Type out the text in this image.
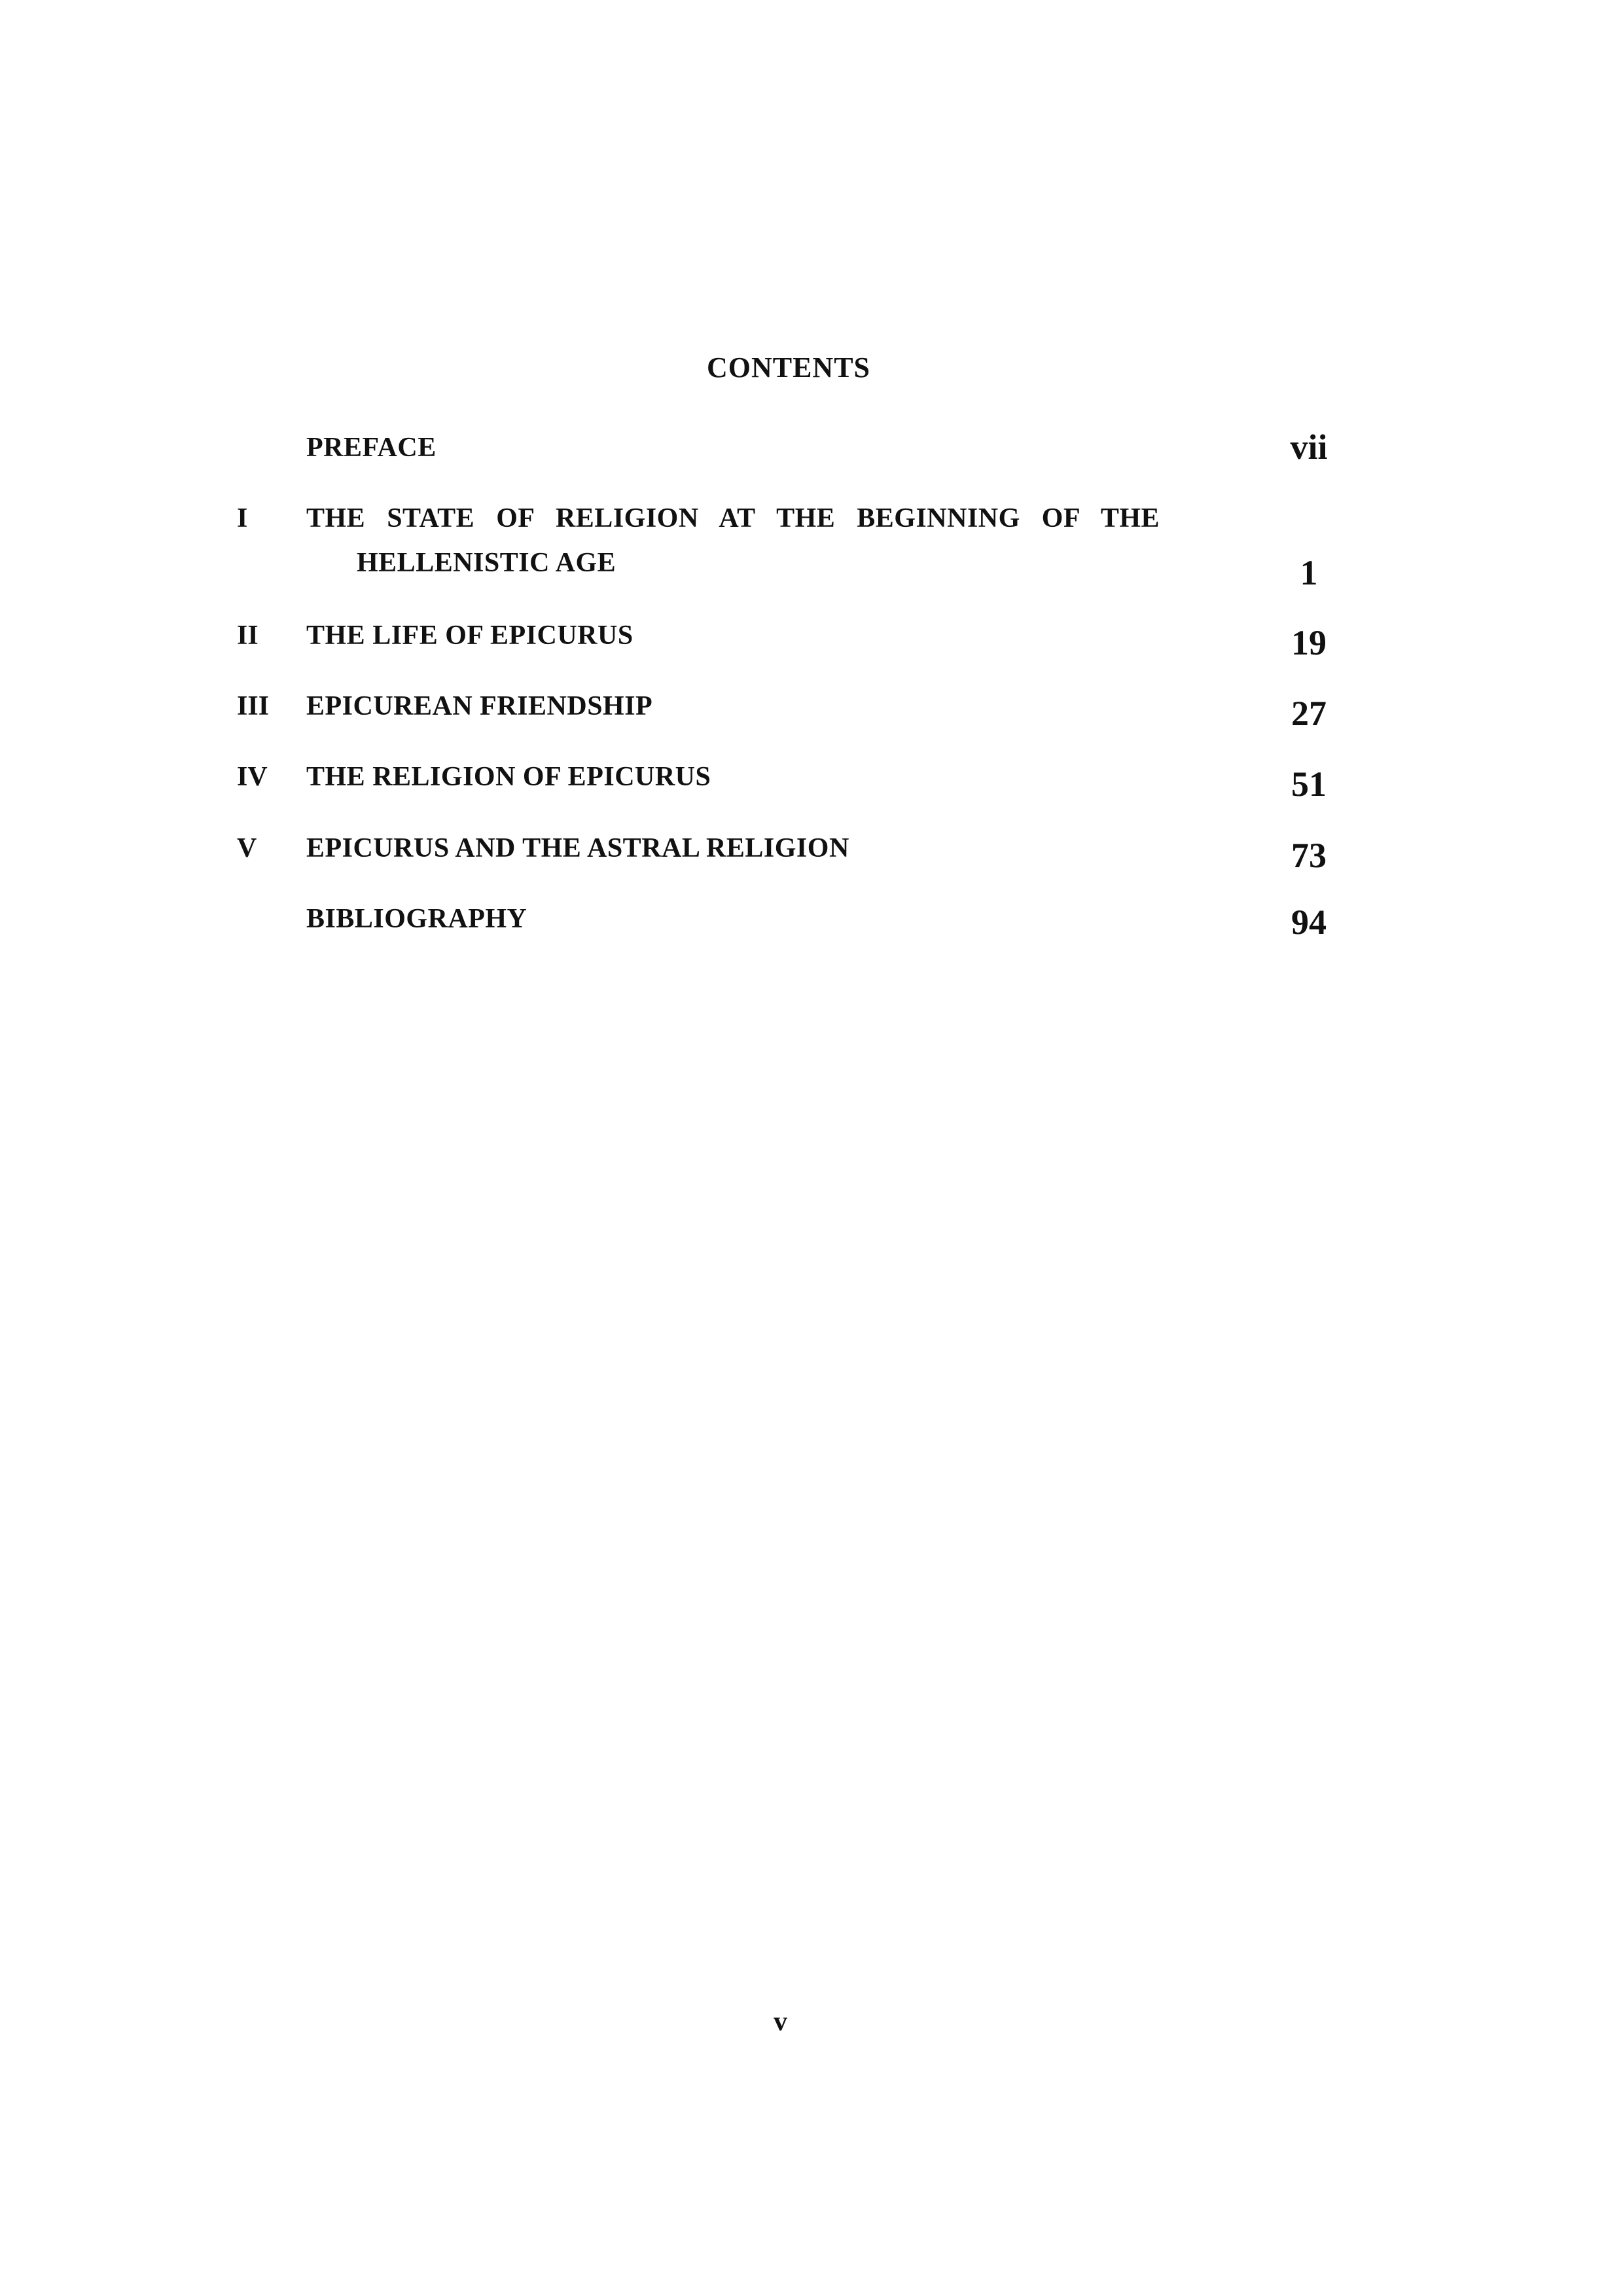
CONTENTS
PREFACE	vii
I THE STATE OF RELIGION AT THE BEGINNING OF THE
HELLENISTIC AGE	1
II THE LIFE OF EPICURUS	19
III EPICUREAN FRIENDSHIP	27
IV THE RELIGION OF EPICURUS	51
V EPICURUS AND THE ASTRAL RELIGION	73
BIBLIOGRAPHY	94
v
